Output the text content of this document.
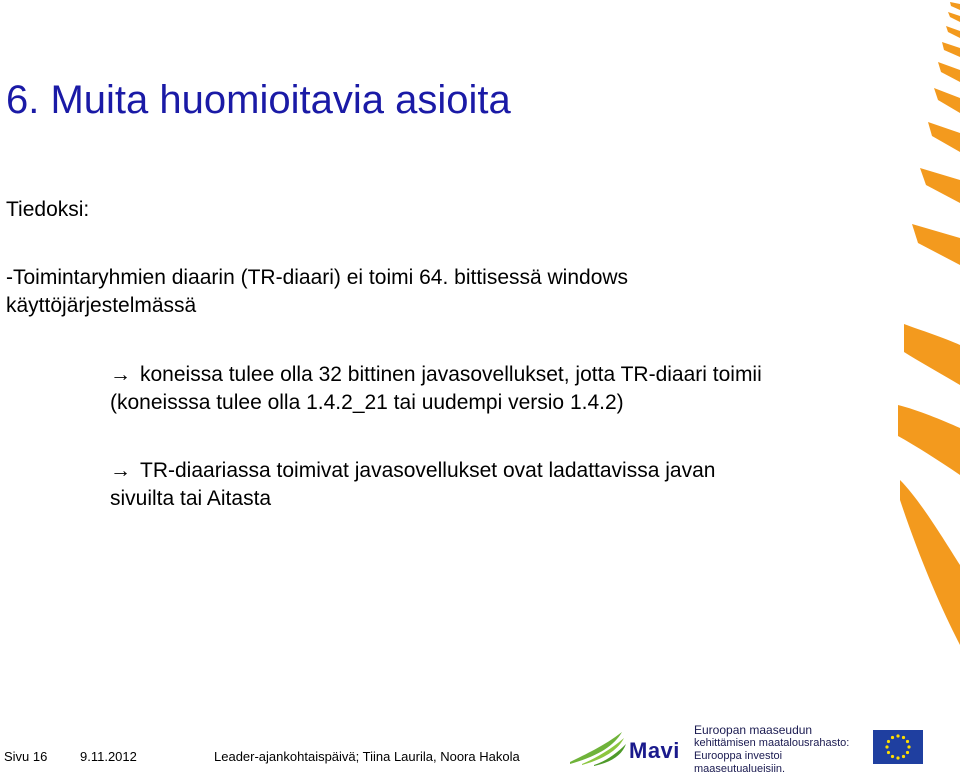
6. Muita huomioitavia asioita

Tiedoksi:

-Toimintaryhmien diaarin (TR-diaari) ei toimi 64. bittisessä windows

käyttöjärjestelmässä

→ koneissa tulee olla 32 bittinen javasovellukset, jotta TR-diaari toimii
(koneisssa tulee olla 1.4.2_21 tai uudempi versio 1.4.2)
→ TR-diaariassa toimivat javasovellukset ovat ladattavissa javan
sivuilta tai Aitasta
Sivu 16	9.11.2012	Leader-ajankohtaispäivä; Tiina Laurila, Noora Hakola	Mavi
Euroopan maaseudun
kehittämisen maatalousrahasto:
Eurooppa investoi maaseutualueisiin.
